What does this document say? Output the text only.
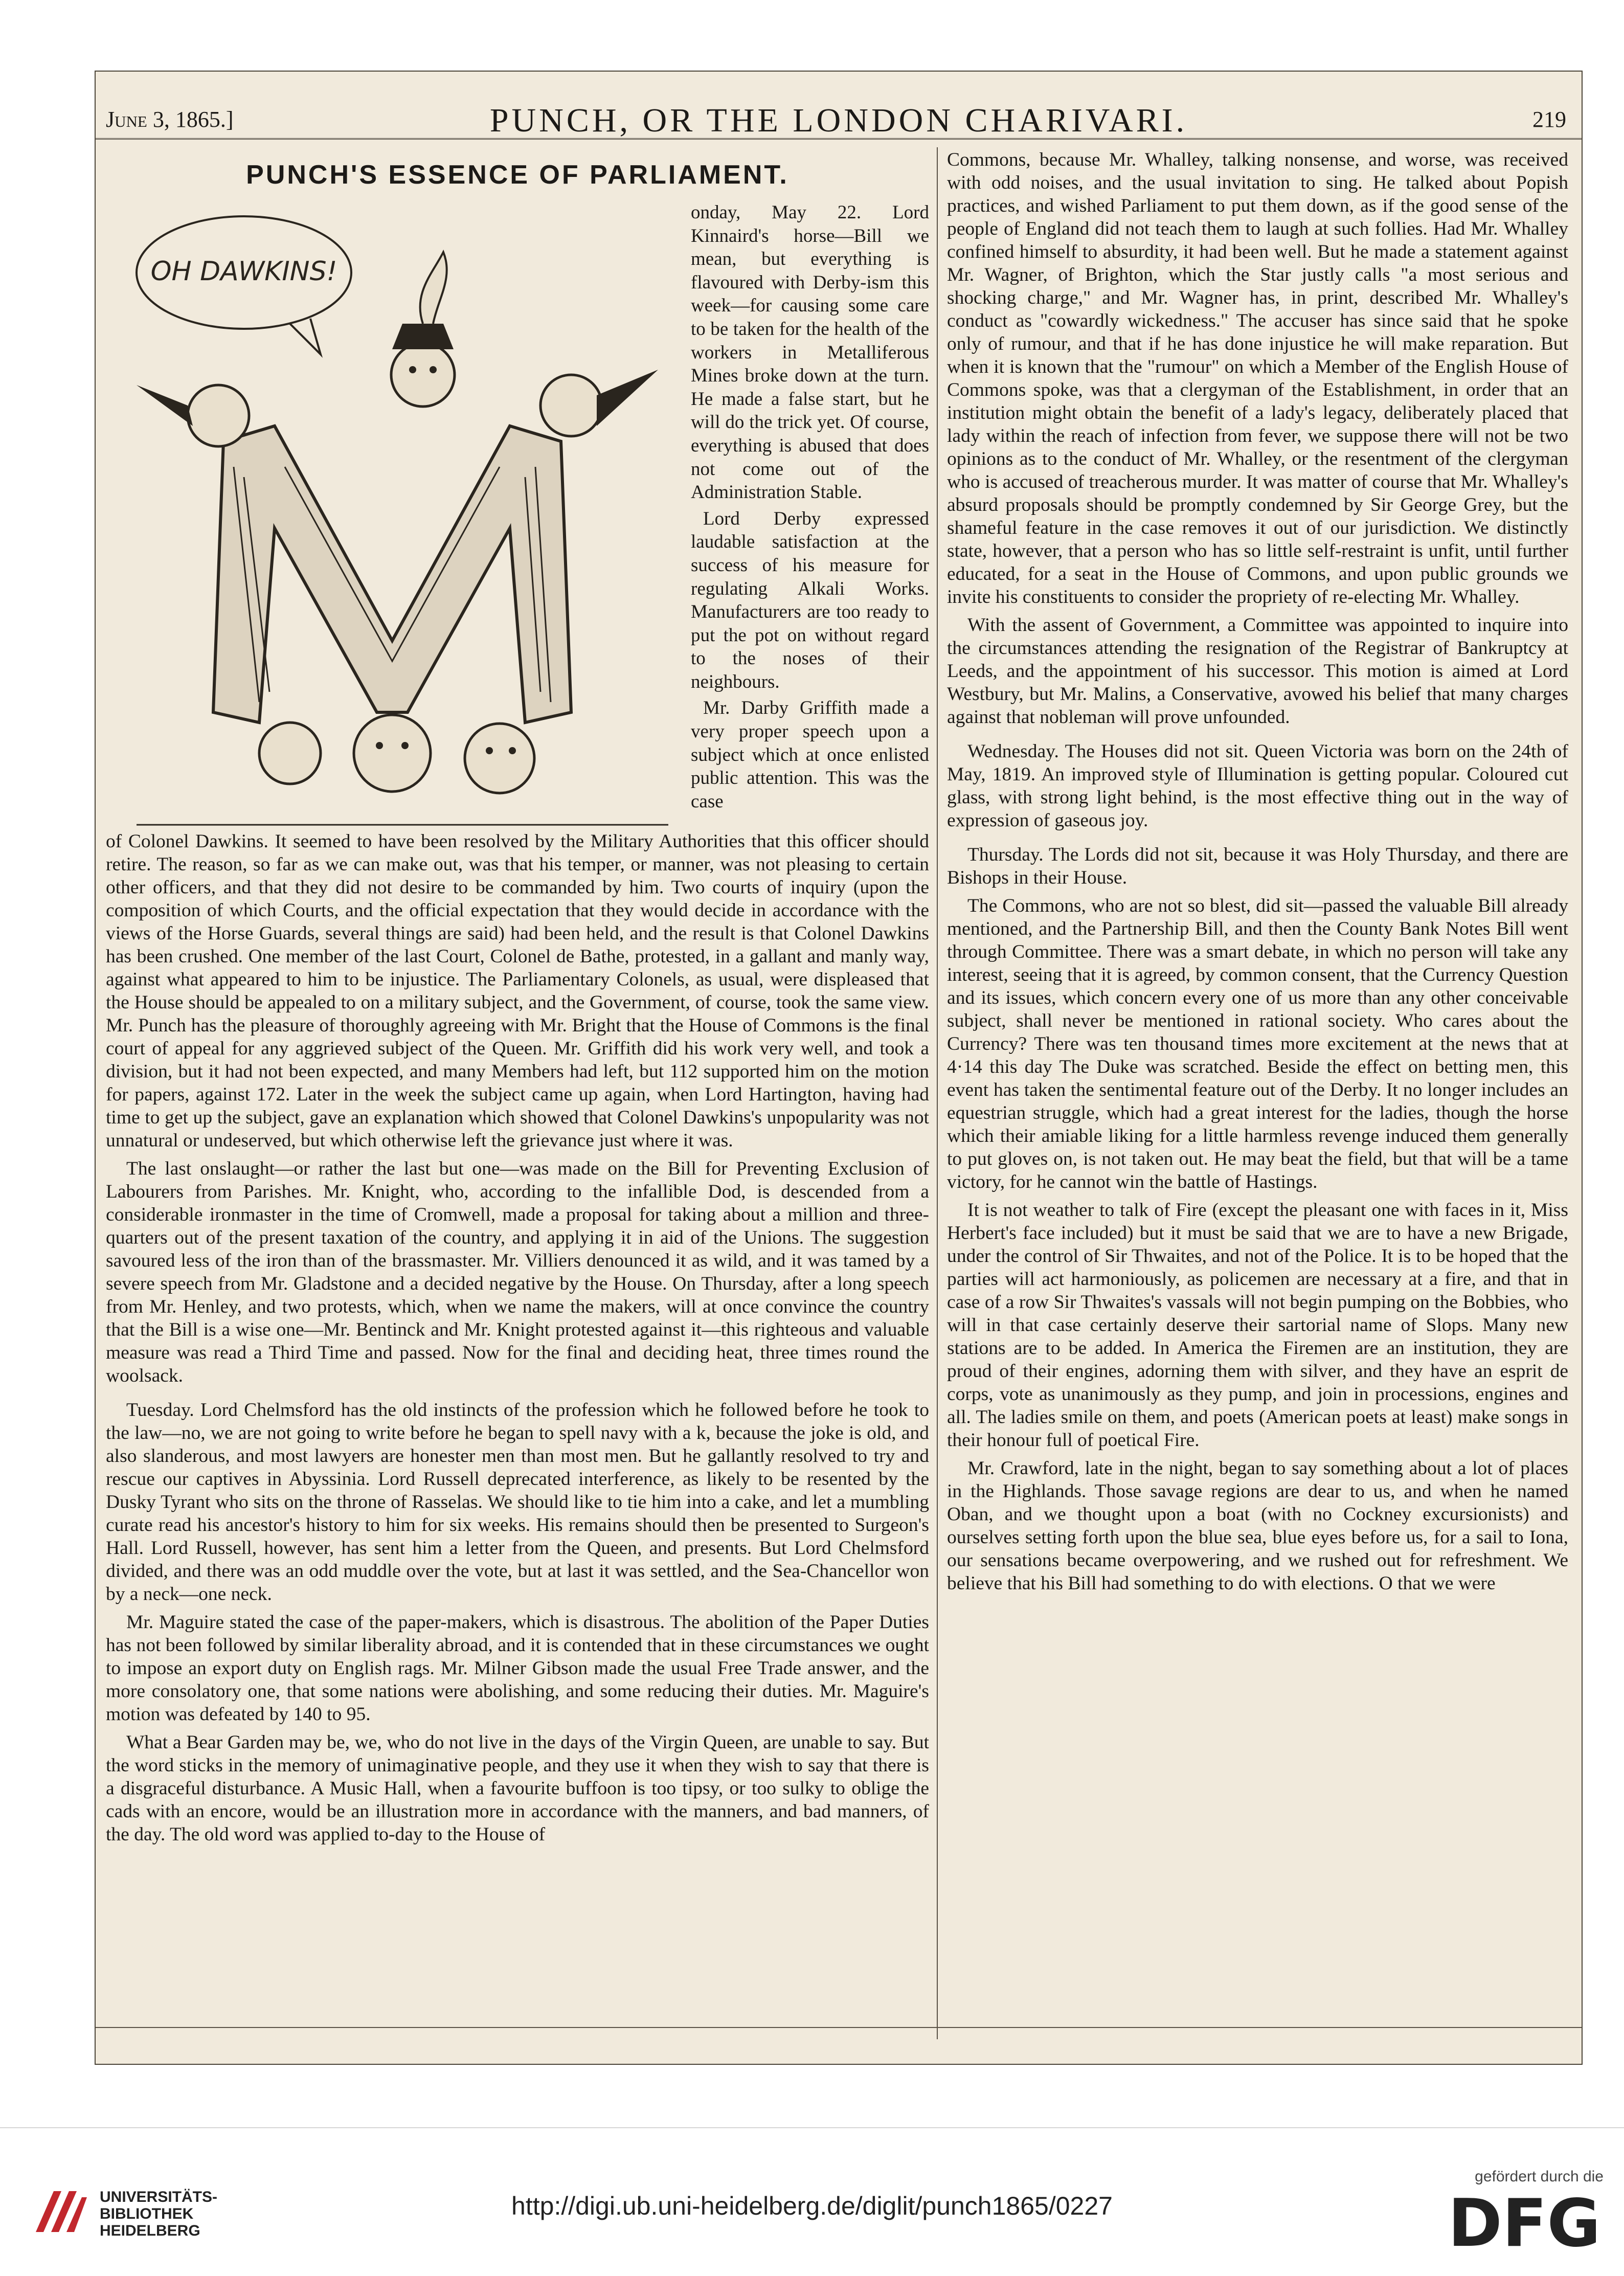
June 3, 1865.]	PUNCH, OR THE LONDON CHARIVARI.	219
PUNCH'S ESSENCE OF PARLIAMENT.
OH DAWKINS!

onday, May 22. Lord Kinnaird's horse—Bill we mean, but everything is flavoured with Derby-ism this week—for causing some care to be taken for the health of the workers in Metalliferous Mines broke down at the turn. He made a false start, but he will do the trick yet. Of course, everything is abused that does not come out of the Administration Stable.

Lord Derby expressed laudable satisfaction at the success of his measure for regulating Alkali Works. Manufacturers are too ready to put the pot on without regard to the noses of their neighbours.

Mr. Darby Griffith made a very proper speech upon a subject which at once enlisted public attention. This was the case

of Colonel Dawkins. It seemed to have been resolved by the Military Authorities that this officer should retire. The reason, so far as we can make out, was that his temper, or manner, was not pleasing to certain other officers, and that they did not desire to be commanded by him. Two courts of inquiry (upon the composition of which Courts, and the official expectation that they would decide in accordance with the views of the Horse Guards, several things are said) had been held, and the result is that Colonel Dawkins has been crushed. One member of the last Court, Colonel de Bathe, protested, in a gallant and manly way, against what appeared to him to be injustice. The Parliamentary Colonels, as usual, were displeased that the House should be appealed to on a military subject, and the Government, of course, took the same view. Mr. Punch has the pleasure of thoroughly agreeing with Mr. Bright that the House of Commons is the final court of appeal for any aggrieved subject of the Queen. Mr. Griffith did his work very well, and took a division, but it had not been expected, and many Members had left, but 112 supported him on the motion for papers, against 172. Later in the week the subject came up again, when Lord Hartington, having had time to get up the subject, gave an explanation which showed that Colonel Dawkins's unpopularity was not unnatural or undeserved, but which otherwise left the grievance just where it was.

The last onslaught—or rather the last but one—was made on the Bill for Preventing Exclusion of Labourers from Parishes. Mr. Knight, who, according to the infallible Dod, is descended from a considerable ironmaster in the time of Cromwell, made a proposal for taking about a million and three-quarters out of the present taxation of the country, and applying it in aid of the Unions. The suggestion savoured less of the iron than of the brassmaster. Mr. Villiers denounced it as wild, and it was tamed by a severe speech from Mr. Gladstone and a decided negative by the House. On Thursday, after a long speech from Mr. Henley, and two protests, which, when we name the makers, will at once convince the country that the Bill is a wise one—Mr. Bentinck and Mr. Knight protested against it—this righteous and valuable measure was read a Third Time and passed. Now for the final and deciding heat, three times round the woolsack.

Tuesday. Lord Chelmsford has the old instincts of the profession which he followed before he took to the law—no, we are not going to write before he began to spell navy with a k, because the joke is old, and also slanderous, and most lawyers are honester men than most men. But he gallantly resolved to try and rescue our captives in Abyssinia. Lord Russell deprecated interference, as likely to be resented by the Dusky Tyrant who sits on the throne of Rasselas. We should like to tie him into a cake, and let a mumbling curate read his ancestor's history to him for six weeks. His remains should then be presented to Surgeon's Hall. Lord Russell, however, has sent him a letter from the Queen, and presents. But Lord Chelmsford divided, and there was an odd muddle over the vote, but at last it was settled, and the Sea-Chancellor won by a neck—one neck.

Mr. Maguire stated the case of the paper-makers, which is disastrous. The abolition of the Paper Duties has not been followed by similar liberality abroad, and it is contended that in these circumstances we ought to impose an export duty on English rags. Mr. Milner Gibson made the usual Free Trade answer, and the more consolatory one, that some nations were abolishing, and some reducing their duties. Mr. Maguire's motion was defeated by 140 to 95.

What a Bear Garden may be, we, who do not live in the days of the Virgin Queen, are unable to say. But the word sticks in the memory of unimaginative people, and they use it when they wish to say that there is a disgraceful disturbance. A Music Hall, when a favourite buffoon is too tipsy, or too sulky to oblige the cads with an encore, would be an illustration more in accordance with the manners, and bad manners, of the day. The old word was applied to-day to the House of

Commons, because Mr. Whalley, talking nonsense, and worse, was received with odd noises, and the usual invitation to sing. He talked about Popish practices, and wished Parliament to put them down, as if the good sense of the people of England did not teach them to laugh at such follies. Had Mr. Whalley confined himself to absurdity, it had been well. But he made a statement against Mr. Wagner, of Brighton, which the Star justly calls "a most serious and shocking charge," and Mr. Wagner has, in print, described Mr. Whalley's conduct as "cowardly wickedness." The accuser has since said that he spoke only of rumour, and that if he has done injustice he will make reparation. But when it is known that the "rumour" on which a Member of the English House of Commons spoke, was that a clergyman of the Establishment, in order that an institution might obtain the benefit of a lady's legacy, deliberately placed that lady within the reach of infection from fever, we suppose there will not be two opinions as to the conduct of Mr. Whalley, or the resentment of the clergyman who is accused of treacherous murder. It was matter of course that Mr. Whalley's absurd proposals should be promptly condemned by Sir George Grey, but the shameful feature in the case removes it out of our jurisdiction. We distinctly state, however, that a person who has so little self-restraint is unfit, until further educated, for a seat in the House of Commons, and upon public grounds we invite his constituents to consider the propriety of re-electing Mr. Whalley.

With the assent of Government, a Committee was appointed to inquire into the circumstances attending the resignation of the Registrar of Bankruptcy at Leeds, and the appointment of his successor. This motion is aimed at Lord Westbury, but Mr. Malins, a Conservative, avowed his belief that many charges against that nobleman will prove unfounded.

Wednesday. The Houses did not sit. Queen Victoria was born on the 24th of May, 1819. An improved style of Illumination is getting popular. Coloured cut glass, with strong light behind, is the most effective thing out in the way of expression of gaseous joy.

Thursday. The Lords did not sit, because it was Holy Thursday, and there are Bishops in their House.

The Commons, who are not so blest, did sit—passed the valuable Bill already mentioned, and the Partnership Bill, and then the County Bank Notes Bill went through Committee. There was a smart debate, in which no person will take any interest, seeing that it is agreed, by common consent, that the Currency Question and its issues, which concern every one of us more than any other conceivable subject, shall never be mentioned in rational society. Who cares about the Currency? There was ten thousand times more excitement at the news that at 4·14 this day The Duke was scratched. Beside the effect on betting men, this event has taken the sentimental feature out of the Derby. It no longer includes an equestrian struggle, which had a great interest for the ladies, though the horse which their amiable liking for a little harmless revenge induced them generally to put gloves on, is not taken out. He may beat the field, but that will be a tame victory, for he cannot win the battle of Hastings.

It is not weather to talk of Fire (except the pleasant one with faces in it, Miss Herbert's face included) but it must be said that we are to have a new Brigade, under the control of Sir Thwaites, and not of the Police. It is to be hoped that the parties will act harmoniously, as policemen are necessary at a fire, and that in case of a row Sir Thwaites's vassals will not begin pumping on the Bobbies, who will in that case certainly deserve their sartorial name of Slops. Many new stations are to be added. In America the Firemen are an institution, they are proud of their engines, adorning them with silver, and they have an esprit de corps, vote as unanimously as they pump, and join in processions, engines and all. The ladies smile on them, and poets (American poets at least) make songs in their honour full of poetical Fire.

Mr. Crawford, late in the night, began to say something about a lot of places in the Highlands. Those savage regions are dear to us, and when he named Oban, and we thought upon a boat (with no Cockney excursionists) and ourselves setting forth upon the blue sea, blue eyes before us, for a sail to Iona, our sensations became overpowering, and we rushed out for refreshment. We believe that his Bill had something to do with elections. O that we were

UNIVERSITÄTS-
BIBLIOTHEK
HEIDELBERG
http://digi.ub.uni-heidelberg.de/diglit/punch1865/0227
gefördert durch die
DFG
